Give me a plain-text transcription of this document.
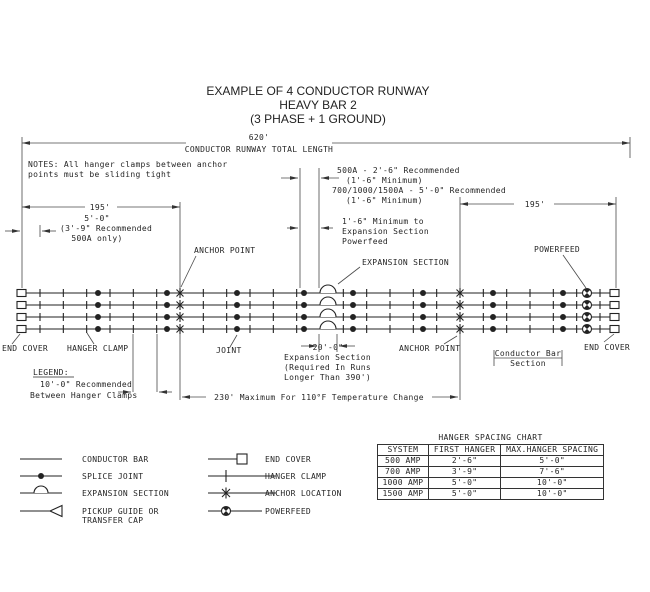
EXAMPLE OF 4 CONDUCTOR RUNWAY
HEAVY BAR 2
(3 PHASE + 1 GROUND)
620'
CONDUCTOR RUNWAY TOTAL LENGTH
NOTES: All hanger clamps between anchor
points must be sliding tight
195'	195'
5'-0"
(3'-9" Recommended
500A only)
500A - 2'-6" Recommended
(1'-6" Minimum)
700/1000/1500A - 5'-0" Recommended
(1'-6" Minimum)
1'-6" Minimum to
Expansion Section
Powerfeed
ANCHOR POINT
EXPANSION SECTION
POWERFEED
END COVER HANGER CLAMP	JOINT	ANCHOR POINT	END COVER
20'-0"
Expansion Section
(Required In Runs
Longer Than 390')
Conductor Bar
Section
LEGEND:
10'-0" Recommended
Between Hanger Clamps	230' Maximum For 110°F Temperature Change
CONDUCTOR BAR
SPLICE JOINT
EXPANSION SECTION
PICKUP GUIDE OR
TRANSFER CAP
END COVER
HANGER CLAMP
ANCHOR LOCATION
POWERFEED
HANGER SPACING CHART
SYSTEM	FIRST HANGER	MAX.HANGER SPACING
500 AMP	2'-6"	5'-0"
700 AMP	3'-9"	7'-6"
1000 AMP	5'-0"	10'-0"
1500 AMP	5'-0"	10'-0"
